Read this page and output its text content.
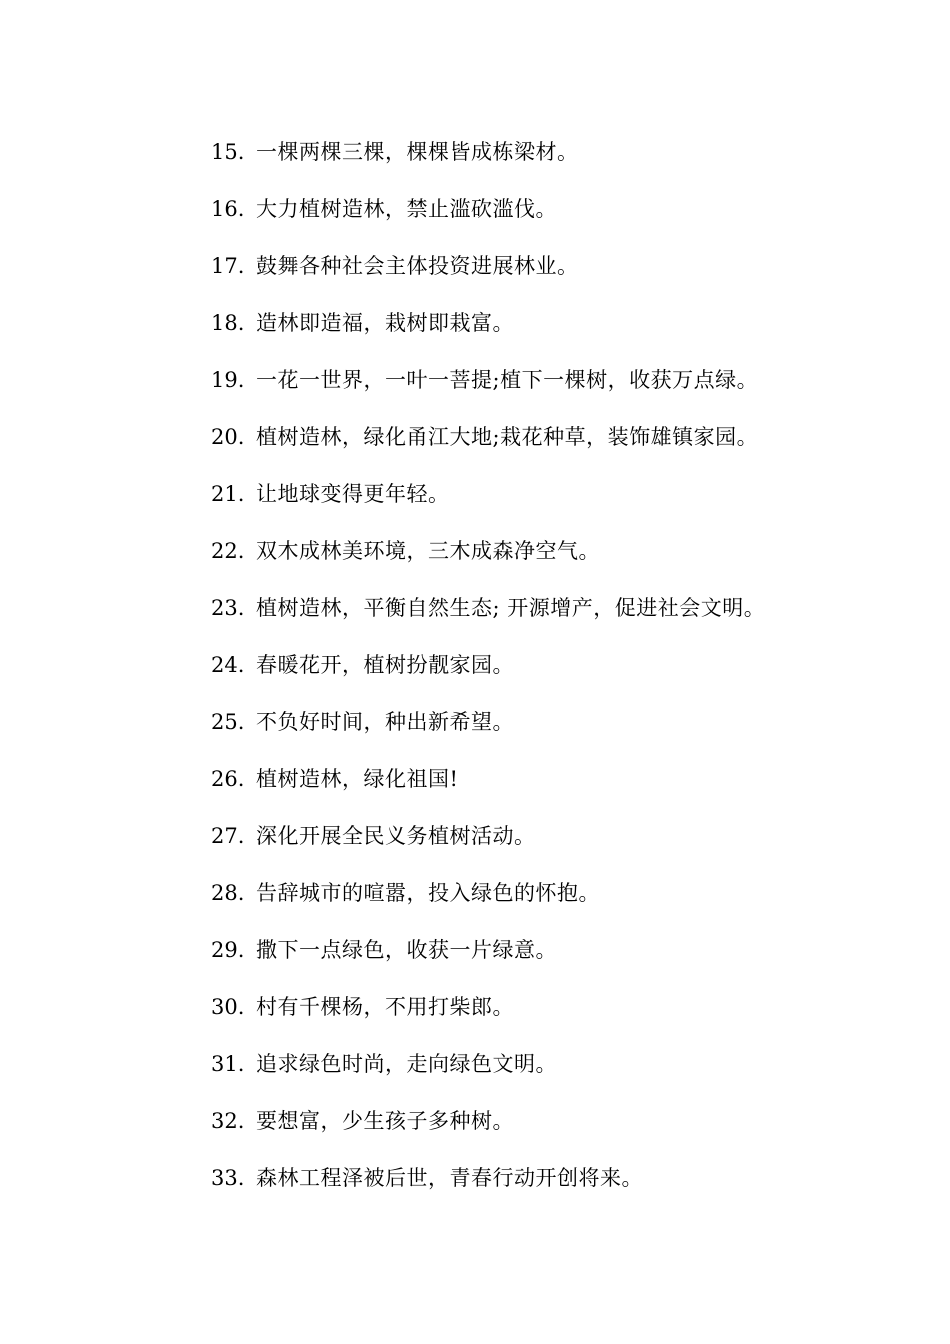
15. 一棵两棵三棵，棵棵皆成栋梁材。
16. 大力植树造林，禁止滥砍滥伐。
17. 鼓舞各种社会主体投资进展林业。
18. 造林即造福，栽树即栽富。
19. 一花一世界，一叶一菩提;植下一棵树，收获万点绿。
20. 植树造林，绿化甬江大地;栽花种草，装饰雄镇家园。
21. 让地球变得更年轻。
22. 双木成林美环境，三木成森净空气。
23. 植树造林，平衡自然生态; 开源增产，促进社会文明。
24. 春暖花开，植树扮靓家园。
25. 不负好时间，种出新希望。
26. 植树造林，绿化祖国!
27. 深化开展全民义务植树活动。
28. 告辞城市的喧嚣，投入绿色的怀抱。
29. 撒下一点绿色，收获一片绿意。
30. 村有千棵杨，不用打柴郎。
31. 追求绿色时尚，走向绿色文明。
32. 要想富，少生孩子多种树。
33. 森林工程泽被后世，青春行动开创将来。
